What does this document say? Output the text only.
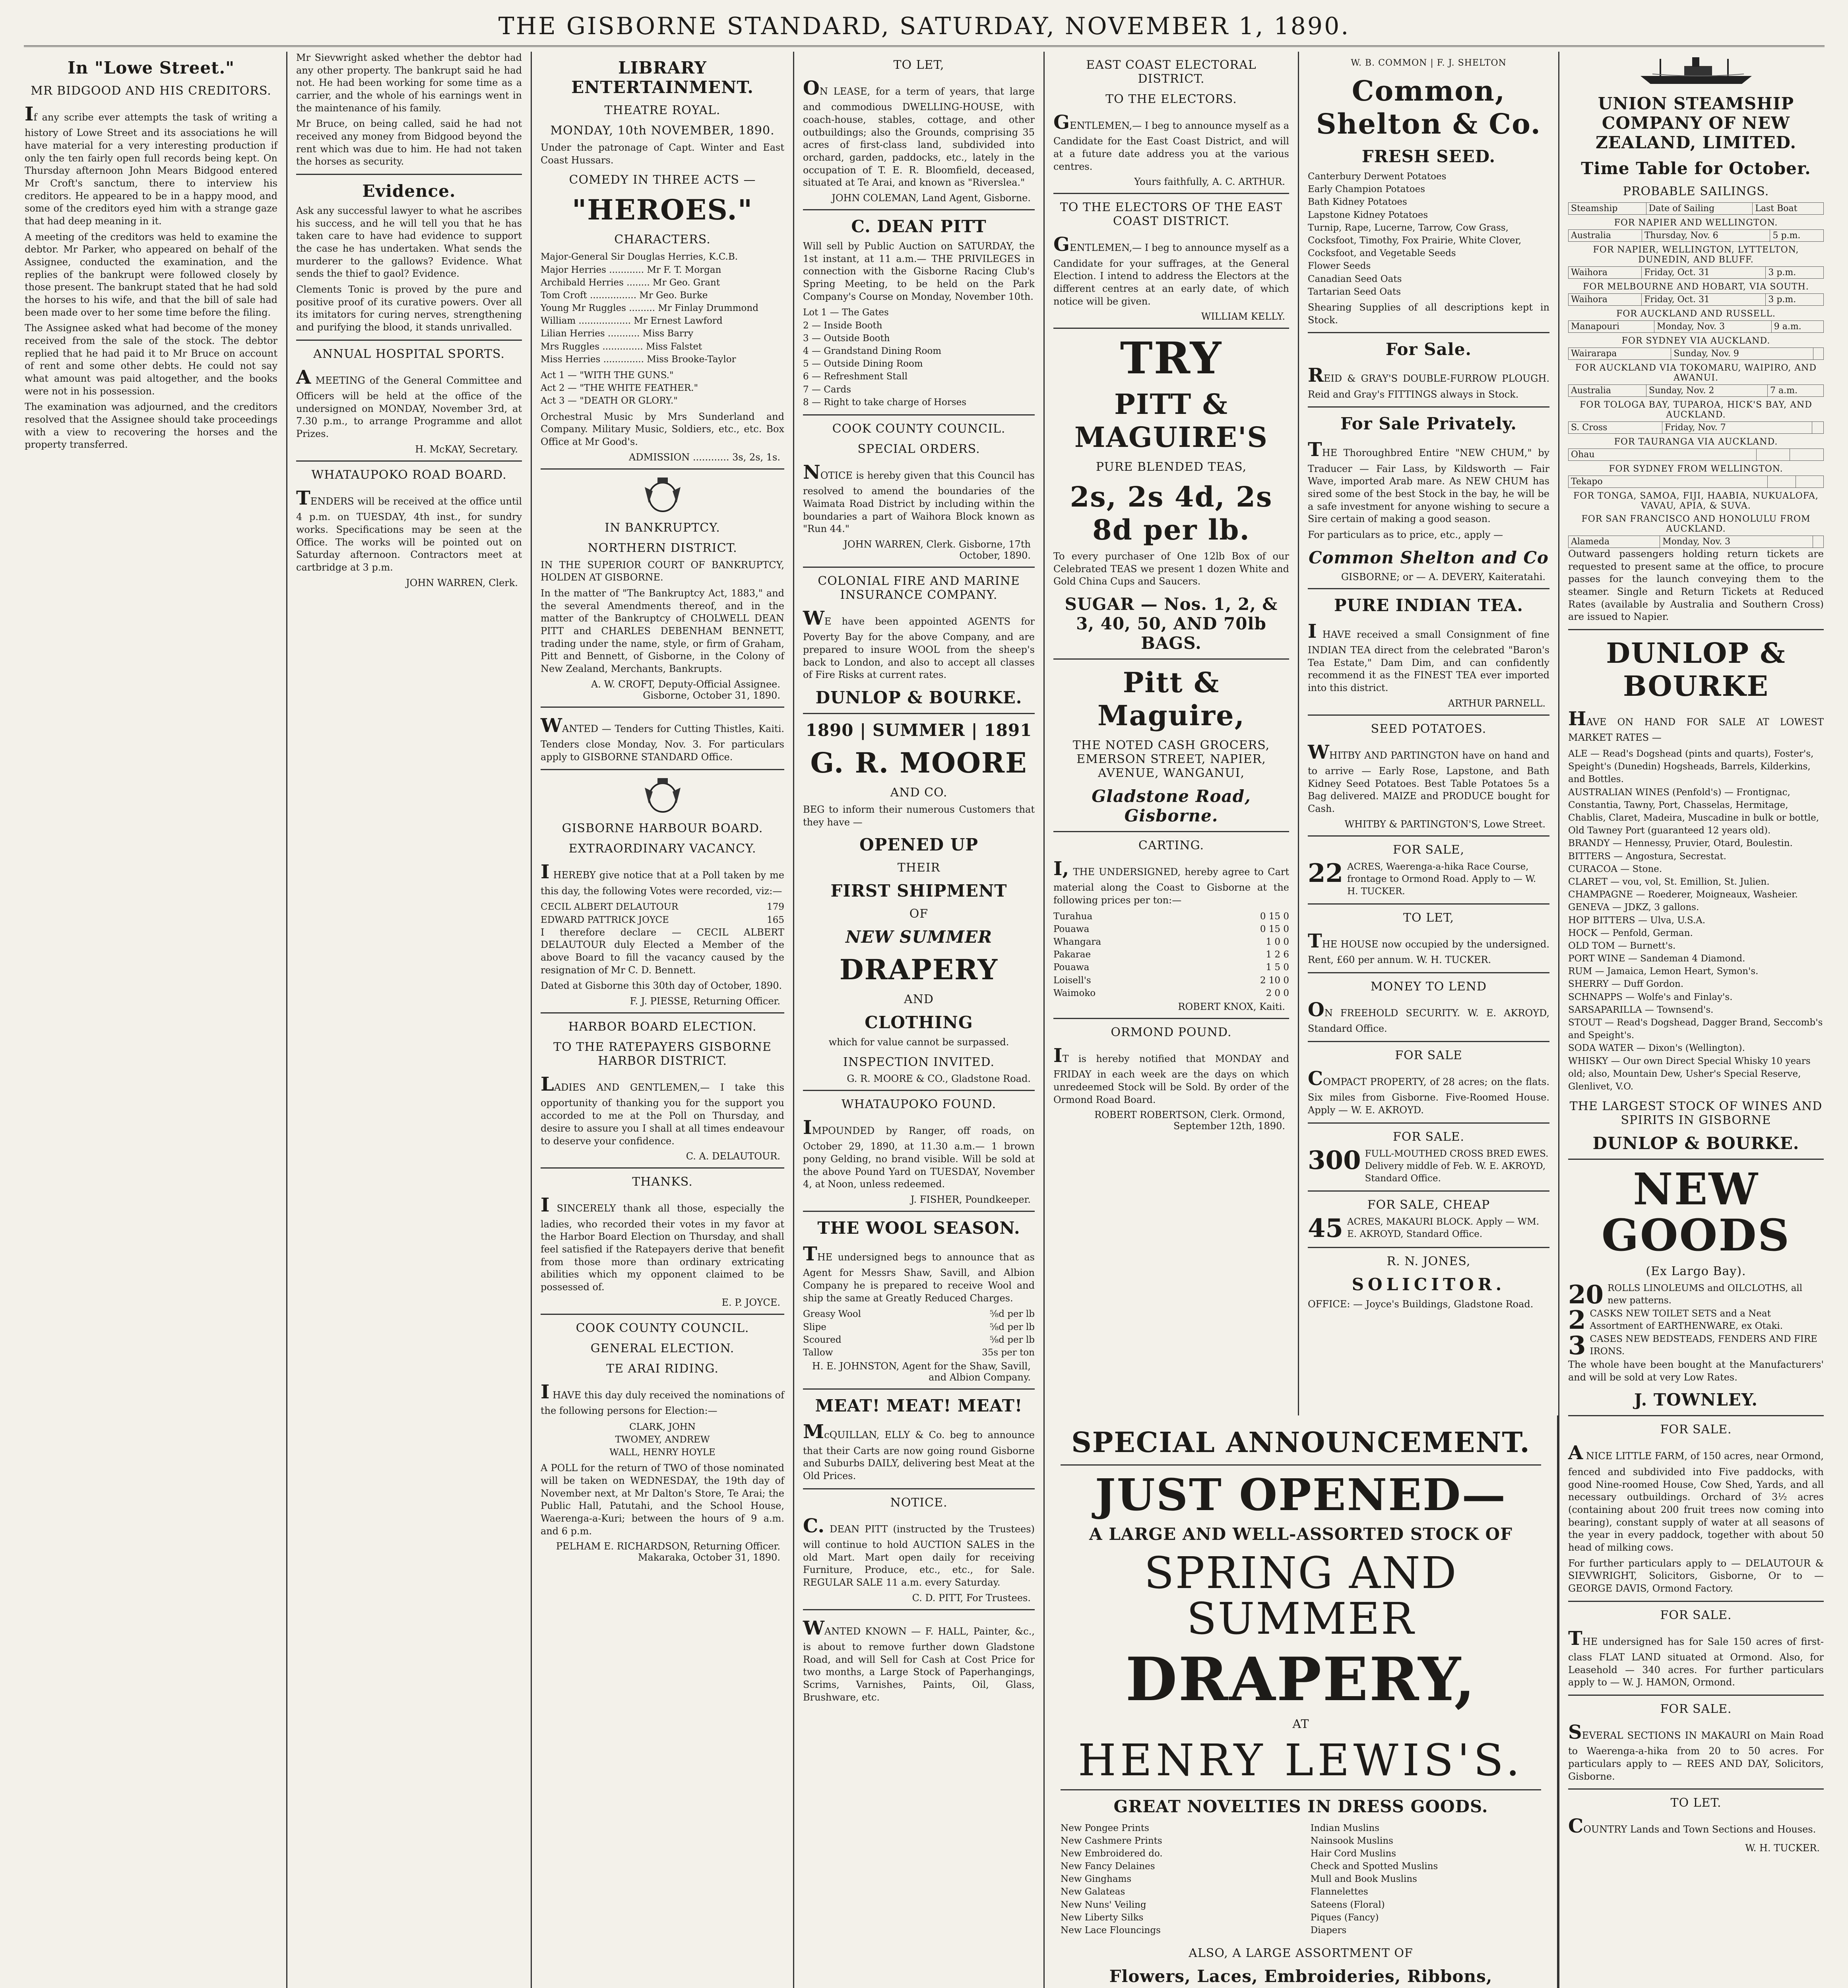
THE GISBORNE STANDARD, SATURDAY, NOVEMBER 1, 1890.
In "Lowe Street."
MR BIDGOOD AND HIS CREDITORS.

If any scribe ever attempts the task of writing a history of Lowe Street and its associations he will have material for a very interesting production if only the ten fairly open full records being kept. On Thursday afternoon John Mears Bidgood entered Mr Croft's sanctum, there to interview his creditors. He appeared to be in a happy mood, and some of the creditors eyed him with a strange gaze that had deep meaning in it.

A meeting of the creditors was held to examine the debtor. Mr Parker, who appeared on behalf of the Assignee, conducted the examination, and the replies of the bankrupt were followed closely by those present. The bankrupt stated that he had sold the horses to his wife, and that the bill of sale had been made over to her some time before the filing.

The Assignee asked what had become of the money received from the sale of the stock. The debtor replied that he had paid it to Mr Bruce on account of rent and some other debts. He could not say what amount was paid altogether, and the books were not in his possession.

The examination was adjourned, and the creditors resolved that the Assignee should take proceedings with a view to recovering the horses and the property transferred.

Mr Sievwright asked whether the debtor had any other property. The bankrupt said he had not. He had been working for some time as a carrier, and the whole of his earnings went in the maintenance of his family.

Mr Bruce, on being called, said he had not received any money from Bidgood beyond the rent which was due to him. He had not taken the horses as security.

Evidence.

Ask any successful lawyer to what he ascribes his success, and he will tell you that he has taken care to have had evidence to support the case he has undertaken. What sends the murderer to the gallows? Evidence. What sends the thief to gaol? Evidence.

Clements Tonic is proved by the pure and positive proof of its curative powers. Over all its imitators for curing nerves, strengthening and purifying the blood, it stands unrivalled.

ANNUAL HOSPITAL SPORTS.

A MEETING of the General Committee and Officers will be held at the office of the undersigned on MONDAY, November 3rd, at 7.30 p.m., to arrange Programme and allot Prizes.

H. McKAY, Secretary.
WHATAUPOKO ROAD BOARD.

TENDERS will be received at the office until 4 p.m. on TUESDAY, 4th inst., for sundry works. Specifications may be seen at the Office. The works will be pointed out on Saturday afternoon. Contractors meet at cartbridge at 3 p.m.

JOHN WARREN, Clerk.
LIBRARY ENTERTAINMENT.
THEATRE ROYAL.
MONDAY, 10th NOVEMBER, 1890.

Under the patronage of Capt. Winter and East Coast Hussars.

COMEDY IN THREE ACTS —
"HEROES."
CHARACTERS.
Major-General Sir Douglas Herries, K.C.B.
Major Herries ............ Mr F. T. Morgan
Archibald Herries ........ Mr Geo. Grant
Tom Croft ................ Mr Geo. Burke
Young Mr Ruggles ......... Mr Finlay Drummond
William .................. Mr Ernest Lawford
Lilian Herries ........... Miss Barry
Mrs Ruggles .............. Miss Falstet
Miss Herries .............. Miss Brooke-Taylor
Act 1 — "WITH THE GUNS."
Act 2 — "THE WHITE FEATHER."
Act 3 — "DEATH OR GLORY."

Orchestral Music by Mrs Sunderland and Company. Military Music, Soldiers, etc., etc. Box Office at Mr Good's.

ADMISSION ............ 3s, 2s, 1s.
IN BANKRUPTCY.
NORTHERN DISTRICT.

IN THE SUPERIOR COURT OF BANKRUPTCY, HOLDEN AT GISBORNE.

In the matter of "The Bankruptcy Act, 1883," and the several Amendments thereof, and in the matter of the Bankruptcy of CHOLWELL DEAN PITT and CHARLES DEBENHAM BENNETT, trading under the name, style, or firm of Graham, Pitt and Bennett, of Gisborne, in the Colony of New Zealand, Merchants, Bankrupts.

A. W. CROFT, Deputy-Official Assignee. Gisborne, October 31, 1890.

WANTED — Tenders for Cutting Thistles, Kaiti. Tenders close Monday, Nov. 3. For particulars apply to GISBORNE STANDARD Office.

GISBORNE HARBOUR BOARD.
EXTRAORDINARY VACANCY.

I HEREBY give notice that at a Poll taken by me this day, the following Votes were recorded, viz:—

CECIL ALBERT DELAUTOUR	179
EDWARD PATTRICK JOYCE	165

I therefore declare — CECIL ALBERT DELAUTOUR duly Elected a Member of the above Board to fill the vacancy caused by the resignation of Mr C. D. Bennett.

Dated at Gisborne this 30th day of October, 1890.

F. J. PIESSE, Returning Officer.
HARBOR BOARD ELECTION.
TO THE RATEPAYERS GISBORNE HARBOR DISTRICT.

LADIES AND GENTLEMEN,— I take this opportunity of thanking you for the support you accorded to me at the Poll on Thursday, and desire to assure you I shall at all times endeavour to deserve your confidence.

C. A. DELAUTOUR.
THANKS.

I SINCERELY thank all those, especially the ladies, who recorded their votes in my favor at the Harbor Board Election on Thursday, and shall feel satisfied if the Ratepayers derive that benefit from those more than ordinary extricating abilities which my opponent claimed to be possessed of.

E. P. JOYCE.
COOK COUNTY COUNCIL.
GENERAL ELECTION.
TE ARAI RIDING.

I HAVE this day duly received the nominations of the following persons for Election:—

CLARK, JOHN
TWOMEY, ANDREW
WALL, HENRY HOYLE

A POLL for the return of TWO of those nominated will be taken on WEDNESDAY, the 19th day of November next, at Mr Dalton's Store, Te Arai; the Public Hall, Patutahi, and the School House, Waerenga-a-Kuri; between the hours of 9 a.m. and 6 p.m.

PELHAM E. RICHARDSON, Returning Officer. Makaraka, October 31, 1890.
TO LET,

ON LEASE, for a term of years, that large and commodious DWELLING-HOUSE, with coach-house, stables, cottage, and other outbuildings; also the Grounds, comprising 35 acres of first-class land, subdivided into orchard, garden, paddocks, etc., lately in the occupation of T. E. R. Bloomfield, deceased, situated at Te Arai, and known as "Riverslea."

JOHN COLEMAN, Land Agent, Gisborne.
C. DEAN PITT

Will sell by Public Auction on SATURDAY, the 1st instant, at 11 a.m.— THE PRIVILEGES in connection with the Gisborne Racing Club's Spring Meeting, to be held on the Park Company's Course on Monday, November 10th.

Lot 1 — The Gates
2 — Inside Booth
3 — Outside Booth
4 — Grandstand Dining Room
5 — Outside Dining Room
6 — Refreshment Stall
7 — Cards
8 — Right to take charge of Horses
COOK COUNTY COUNCIL.
SPECIAL ORDERS.

NOTICE is hereby given that this Council has resolved to amend the boundaries of the Waimata Road District by including within the boundaries a part of Waihora Block known as "Run 44."

JOHN WARREN, Clerk. Gisborne, 17th October, 1890.
COLONIAL FIRE AND MARINE INSURANCE COMPANY.

WE have been appointed AGENTS for Poverty Bay for the above Company, and are prepared to insure WOOL from the sheep's back to London, and also to accept all classes of Fire Risks at current rates.

DUNLOP & BOURKE.
1890 | SUMMER | 1891
G. R. MOORE
AND CO.

BEG to inform their numerous Customers that they have —

OPENED UP
THEIR
FIRST SHIPMENT
OF
NEW SUMMER
DRAPERY
AND
CLOTHING

which for value cannot be surpassed.

INSPECTION INVITED.
G. R. MOORE & CO., Gladstone Road.
WHATAUPOKO FOUND.

IMPOUNDED by Ranger, off roads, on October 29, 1890, at 11.30 a.m.— 1 brown pony Gelding, no brand visible. Will be sold at the above Pound Yard on TUESDAY, November 4, at Noon, unless redeemed.

J. FISHER, Poundkeeper.
THE WOOL SEASON.

THE undersigned begs to announce that as Agent for Messrs Shaw, Savill, and Albion Company he is prepared to receive Wool and ship the same at Greatly Reduced Charges.

Greasy Wool	⅝d per lb
Slipe	⅝d per lb
Scoured	⅝d per lb
Tallow	35s per ton
H. E. JOHNSTON, Agent for the Shaw, Savill, and Albion Company.
MEAT! MEAT! MEAT!

McQUILLAN, ELLY & Co. beg to announce that their Carts are now going round Gisborne and Suburbs DAILY, delivering best Meat at the Old Prices.

NOTICE.

C. DEAN PITT (instructed by the Trustees) will continue to hold AUCTION SALES in the old Mart. Mart open daily for receiving Furniture, Produce, etc., etc., for Sale. REGULAR SALE 11 a.m. every Saturday.

C. D. PITT, For Trustees.

WANTED KNOWN — F. HALL, Painter, &c., is about to remove further down Gladstone Road, and will Sell for Cash at Cost Price for two months, a Large Stock of Paperhangings, Scrims, Varnishes, Paints, Oil, Glass, Brushware, etc.

EAST COAST ELECTORAL DISTRICT.
TO THE ELECTORS.

GENTLEMEN,— I beg to announce myself as a Candidate for the East Coast District, and will at a future date address you at the various centres.

Yours faithfully, A. C. ARTHUR.
TO THE ELECTORS OF THE EAST COAST DISTRICT.

GENTLEMEN,— I beg to announce myself as a Candidate for your suffrages, at the General Election. I intend to address the Electors at the different centres at an early date, of which notice will be given.

WILLIAM KELLY.
TRY
PITT & MAGUIRE'S
PURE BLENDED TEAS,
2s, 2s 4d, 2s 8d per lb.

To every purchaser of One 12lb Box of our Celebrated TEAS we present 1 dozen White and Gold China Cups and Saucers.

SUGAR — Nos. 1, 2, & 3, 40, 50, AND 70lb BAGS.
Pitt & Maguire,
THE NOTED CASH GROCERS, EMERSON STREET, NAPIER, AVENUE, WANGANUI,
Gladstone Road, Gisborne.
CARTING.

I, THE UNDERSIGNED, hereby agree to Cart material along the Coast to Gisborne at the following prices per ton:—

Turahua	0 15 0
Pouawa	0 15 0
Whangara	1 0 0
Pakarae	1 2 6
Pouawa	1 5 0
Loisell's	2 10 0
Waimoko	2 0 0
ROBERT KNOX, Kaiti.
ORMOND POUND.

IT is hereby notified that MONDAY and FRIDAY in each week are the days on which unredeemed Stock will be Sold. By order of the Ormond Road Board.

ROBERT ROBERTSON, Clerk. Ormond, September 12th, 1890.
W. B. COMMON | F. J. SHELTON
Common, Shelton & Co.
FRESH SEED.
Canterbury Derwent Potatoes
Early Champion Potatoes
Bath Kidney Potatoes
Lapstone Kidney Potatoes
Turnip, Rape, Lucerne, Tarrow, Cow Grass, Cocksfoot, Timothy, Fox Prairie, White Clover, Cocksfoot, and Vegetable Seeds
Flower Seeds
Canadian Seed Oats
Tartarian Seed Oats

Shearing Supplies of all descriptions kept in Stock.

For Sale.

REID & GRAY'S DOUBLE-FURROW PLOUGH. Reid and Gray's FITTINGS always in Stock.

For Sale Privately.

THE Thoroughbred Entire "NEW CHUM," by Traducer — Fair Lass, by Kildsworth — Fair Wave, imported Arab mare. As NEW CHUM has sired some of the best Stock in the bay, he will be a safe investment for anyone wishing to secure a Sire certain of making a good season.

For particulars as to price, etc., apply —

Common Shelton and Co
GISBORNE; or — A. DEVERY, Kaiteratahi.
PURE INDIAN TEA.

I HAVE received a small Consignment of fine INDIAN TEA direct from the celebrated "Baron's Tea Estate," Dam Dim, and can confidently recommend it as the FINEST TEA ever imported into this district.

ARTHUR PARNELL.
SEED POTATOES.

WHITBY AND PARTINGTON have on hand and to arrive — Early Rose, Lapstone, and Bath Kidney Seed Potatoes. Best Table Potatoes 5s a Bag delivered. MAIZE and PRODUCE bought for Cash.

WHITBY & PARTINGTON'S, Lowe Street.
FOR SALE,
22 ACRES, Waerenga-a-hika Race Course, frontage to Ormond Road. Apply to — W. H. TUCKER.
TO LET,

THE HOUSE now occupied by the undersigned. Rent, £60 per annum. W. H. TUCKER.

MONEY TO LEND

ON FREEHOLD SECURITY. W. E. AKROYD, Standard Office.

FOR SALE

COMPACT PROPERTY, of 28 acres; on the flats. Six miles from Gisborne. Five-Roomed House. Apply — W. E. AKROYD.

FOR SALE.
300 FULL-MOUTHED CROSS BRED EWES. Delivery middle of Feb. W. E. AKROYD, Standard Office.
FOR SALE, CHEAP
45 ACRES, MAKAURI BLOCK. Apply — WM. E. AKROYD, Standard Office.
R. N. JONES,
SOLICITOR.

OFFICE: — Joyce's Buildings, Gladstone Road.

UNION STEAMSHIP COMPANY OF NEW ZEALAND, LIMITED.
Time Table for October.
PROBABLE SAILINGS.
Steamship	Date of Sailing	Last Boat
FOR NAPIER AND WELLINGTON.
Australia	Thursday, Nov. 6	5 p.m.
FOR NAPIER, WELLINGTON, LYTTELTON, DUNEDIN, AND BLUFF.
Waihora	Friday, Oct. 31	3 p.m.
FOR MELBOURNE AND HOBART, VIA SOUTH.
Waihora	Friday, Oct. 31	3 p.m.
FOR AUCKLAND AND RUSSELL.
Manapouri	Monday, Nov. 3	9 a.m.
FOR SYDNEY VIA AUCKLAND.
Wairarapa	Sunday, Nov. 9	
FOR AUCKLAND VIA TOKOMARU, WAIPIRO, AND AWANUI.
Australia	Sunday, Nov. 2	7 a.m.
FOR TOLOGA BAY, TUPAROA, HICK'S BAY, AND AUCKLAND.
S. Cross	Friday, Nov. 7	
FOR TAURANGA VIA AUCKLAND.
Ohau		
FOR SYDNEY FROM WELLINGTON.
Tekapo		
FOR TONGA, SAMOA, FIJI, HAABIA, NUKUALOFA, VAVAU, APIA, & SUVA.
FOR SAN FRANCISCO AND HONOLULU FROM AUCKLAND.
Alameda	Monday, Nov. 3	

Outward passengers holding return tickets are requested to present same at the office, to procure passes for the launch conveying them to the steamer. Single and Return Tickets at Reduced Rates (available by Australia and Southern Cross) are issued to Napier.

DUNLOP & BOURKE

HAVE ON HAND FOR SALE AT LOWEST MARKET RATES —

ALE — Read's Dogshead (pints and quarts), Foster's, Speight's (Dunedin) Hogsheads, Barrels, Kilderkins, and Bottles.
AUSTRALIAN WINES (Penfold's) — Frontignac, Constantia, Tawny, Port, Chasselas, Hermitage, Chablis, Claret, Madeira, Muscadine in bulk or bottle, Old Tawney Port (guaranteed 12 years old).
BRANDY — Hennessy, Pruvier, Otard, Boulestin.
BITTERS — Angostura, Secrestat.
CURACOA — Stone.
CLARET — vou, vol, St. Emillion, St. Julien.
CHAMPAGNE — Roederer, Moigneaux, Washeier.
GENEVA — JDKZ, 3 gallons.
HOP BITTERS — Ulva, U.S.A.
HOCK — Penfold, German.
OLD TOM — Burnett's.
PORT WINE — Sandeman 4 Diamond.
RUM — Jamaica, Lemon Heart, Symon's.
SHERRY — Duff Gordon.
SCHNAPPS — Wolfe's and Finlay's.
SARSAPARILLA — Townsend's.
STOUT — Read's Dogshead, Dagger Brand, Seccomb's and Speight's.
SODA WATER — Dixon's (Wellington).
WHISKY — Our own Direct Special Whisky 10 years old; also, Mountain Dew, Usher's Special Reserve, Glenlivet, V.O.
THE LARGEST STOCK OF WINES AND SPIRITS IN GISBORNE
DUNLOP & BOURKE.
NEW GOODS
(Ex Largo Bay).
20 ROLLS LINOLEUMS and OILCLOTHS, all new patterns.
2 CASKS NEW TOILET SETS and a Neat Assortment of EARTHENWARE, ex Otaki.
3 CASES NEW BEDSTEADS, FENDERS AND FIRE IRONS.

The whole have been bought at the Manufacturers' and will be sold at very Low Rates.

J. TOWNLEY.
FOR SALE.

A NICE LITTLE FARM, of 150 acres, near Ormond, fenced and subdivided into Five paddocks, with good Nine-roomed House, Cow Shed, Yards, and all necessary outbuildings. Orchard of 3½ acres (containing about 200 fruit trees now coming into bearing), constant supply of water at all seasons of the year in every paddock, together with about 50 head of milking cows.

For further particulars apply to — DELAUTOUR & SIEVWRIGHT, Solicitors, Gisborne, Or to — GEORGE DAVIS, Ormond Factory.

FOR SALE.

THE undersigned has for Sale 150 acres of first-class FLAT LAND situated at Ormond. Also, for Leasehold — 340 acres. For further particulars apply to — W. J. HAMON, Ormond.

FOR SALE.

SEVERAL SECTIONS IN MAKAURI on Main Road to Waerenga-a-hika from 20 to 50 acres. For particulars apply to — REES AND DAY, Solicitors, Gisborne.

TO LET.

COUNTRY Lands and Town Sections and Houses.

W. H. TUCKER.
SPECIAL ANNOUNCEMENT.
JUST OPENED—
A LARGE AND WELL-ASSORTED STOCK OF
SPRING AND SUMMER
DRAPERY,
AT
HENRY LEWIS'S.
GREAT NOVELTIES IN DRESS GOODS.
New Pongee Prints
New Cashmere Prints
New Embroidered do.
New Fancy Delaines
New Ginghams
New Galateas
New Nuns' Veiling
New Liberty Silks
New Lace Flouncings
Indian Muslins
Nainsook Muslins
Hair Cord Muslins
Check and Spotted Muslins
Mull and Book Muslins
Flannelettes
Sateens (Floral)
Piques (Fancy)
Diapers
ALSO, A LARGE ASSORTMENT OF
Flowers, Laces, Embroideries, Ribbons,
